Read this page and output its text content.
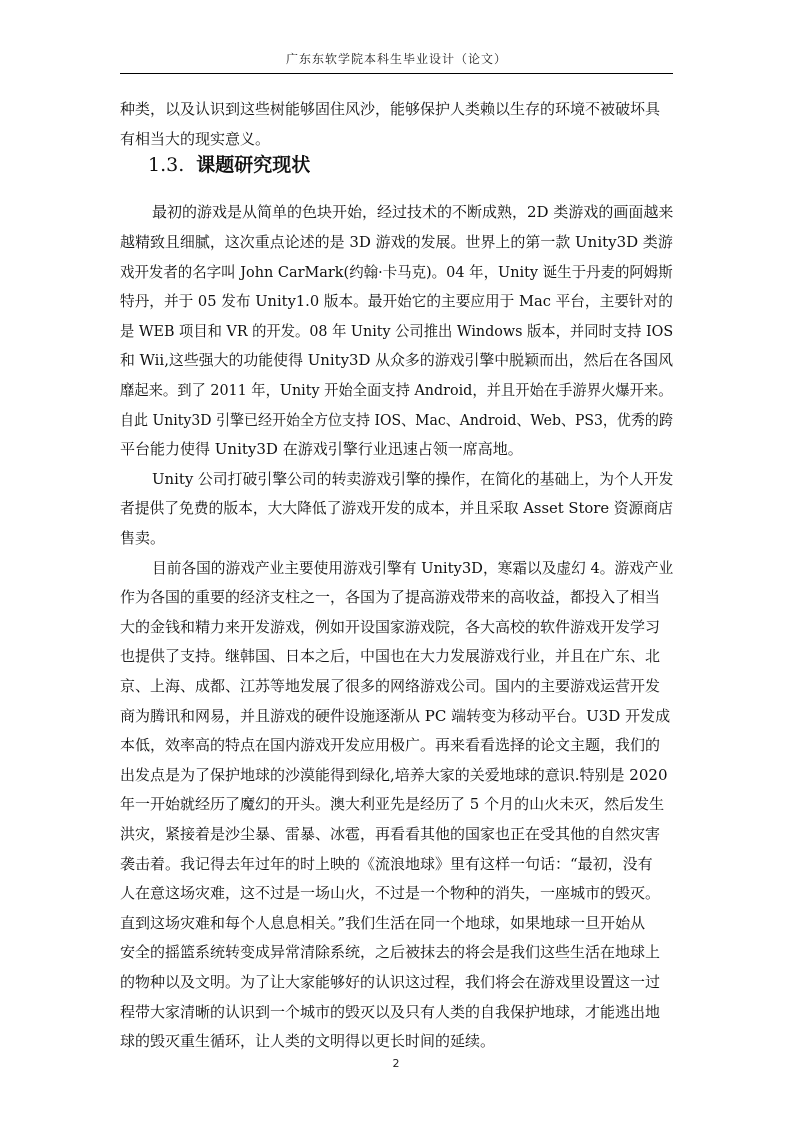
广东东软学院本科生毕业设计（论文）

种类，以及认识到这些树能够固住风沙，能够保护人类赖以生存的环境不被破坏具

有相当大的现实意义。

1.3. 课题研究现状

最初的游戏是从简单的色块开始，经过技术的不断成熟，2D 类游戏的画面越来

越精致且细腻，这次重点论述的是 3D 游戏的发展。世界上的第一款 Unity3D 类游

戏开发者的名字叫 John CarMark(约翰·卡马克)。04 年，Unity 诞生于丹麦的阿姆斯

特丹，并于 05 发布 Unity1.0 版本。最开始它的主要应用于 Mac 平台，主要针对的

是 WEB 项目和 VR 的开发。08 年 Unity 公司推出 Windows 版本，并同时支持 IOS

和 Wii,这些强大的功能使得 Unity3D 从众多的游戏引擎中脱颖而出，然后在各国风

靡起来。到了 2011 年，Unity 开始全面支持 Android，并且开始在手游界火爆开来。

自此 Unity3D 引擎已经开始全方位支持 IOS、Mac、Android、Web、PS3，优秀的跨

平台能力使得 Unity3D 在游戏引擎行业迅速占领一席高地。

Unity 公司打破引擎公司的转卖游戏引擎的操作，在简化的基础上，为个人开发

者提供了免费的版本，大大降低了游戏开发的成本，并且采取 Asset Store 资源商店

售卖。

目前各国的游戏产业主要使用游戏引擎有 Unity3D，寒霜以及虚幻 4。游戏产业

作为各国的重要的经济支柱之一，各国为了提高游戏带来的高收益，都投入了相当

大的金钱和精力来开发游戏，例如开设国家游戏院，各大高校的软件游戏开发学习

也提供了支持。继韩国、日本之后，中国也在大力发展游戏行业，并且在广东、北

京、上海、成都、江苏等地发展了很多的网络游戏公司。国内的主要游戏运营开发

商为腾讯和网易，并且游戏的硬件设施逐渐从 PC 端转变为移动平台。U3D 开发成

本低，效率高的特点在国内游戏开发应用极广。再来看看选择的论文主题，我们的

出发点是为了保护地球的沙漠能得到绿化,培养大家的关爱地球的意识.特别是 2020

年一开始就经历了魔幻的开头。澳大利亚先是经历了 5 个月的山火未灭，然后发生

洪灾，紧接着是沙尘暴、雷暴、冰雹，再看看其他的国家也正在受其他的自然灾害

袭击着。我记得去年过年的时上映的《流浪地球》里有这样一句话：“最初，没有

人在意这场灾难，这不过是一场山火，不过是一个物种的消失，一座城市的毁灭。

直到这场灾难和每个人息息相关。”我们生活在同一个地球，如果地球一旦开始从

安全的摇篮系统转变成异常清除系统，之后被抹去的将会是我们这些生活在地球上

的物种以及文明。为了让大家能够好的认识这过程，我们将会在游戏里设置这一过

程带大家清晰的认识到一个城市的毁灭以及只有人类的自我保护地球，才能逃出地

球的毁灭重生循环，让人类的文明得以更长时间的延续。

2
